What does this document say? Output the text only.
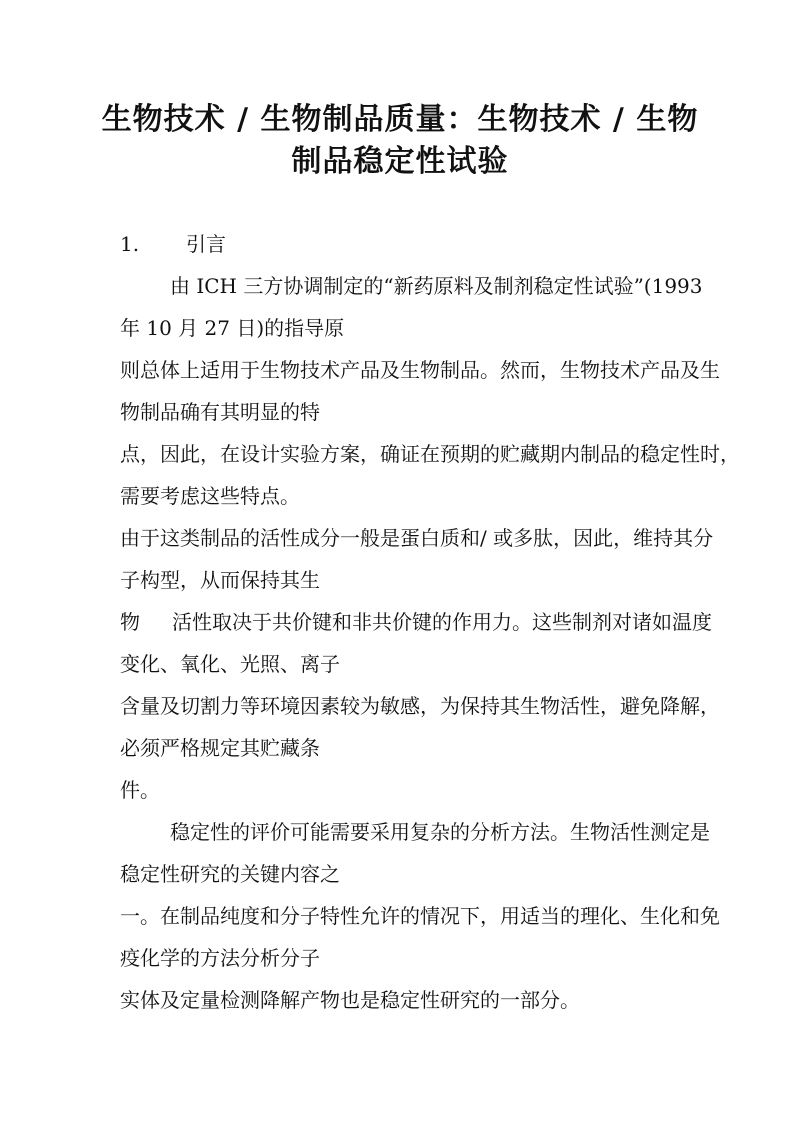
生物技术 / 生物制品质量：生物技术 / 生物
制品稳定性试验
1. 引言
由 ICH 三方协调制定的“新药原料及制剂稳定性试验”(1993
年 10 月 27 日)的指导原
则总体上适用于生物技术产品及生物制品。然而，生物技术产品及生
物制品确有其明显的特
点，因此，在设计实验方案，确证在预期的贮藏期内制品的稳定性时，
需要考虑这些特点。
由于这类制品的活性成分一般是蛋白质和/ 或多肽，因此，维持其分
子构型，从而保持其生
物 活性取决于共价键和非共价键的作用力。这些制剂对诸如温度
变化、氧化、光照、离子
含量及切割力等环境因素较为敏感，为保持其生物活性，避免降解，
必须严格规定其贮藏条
件。
稳定性的评价可能需要采用复杂的分析方法。生物活性测定是
稳定性研究的关键内容之
一。在制品纯度和分子特性允许的情况下，用适当的理化、生化和免
疫化学的方法分析分子
实体及定量检测降解产物也是稳定性研究的一部分。
